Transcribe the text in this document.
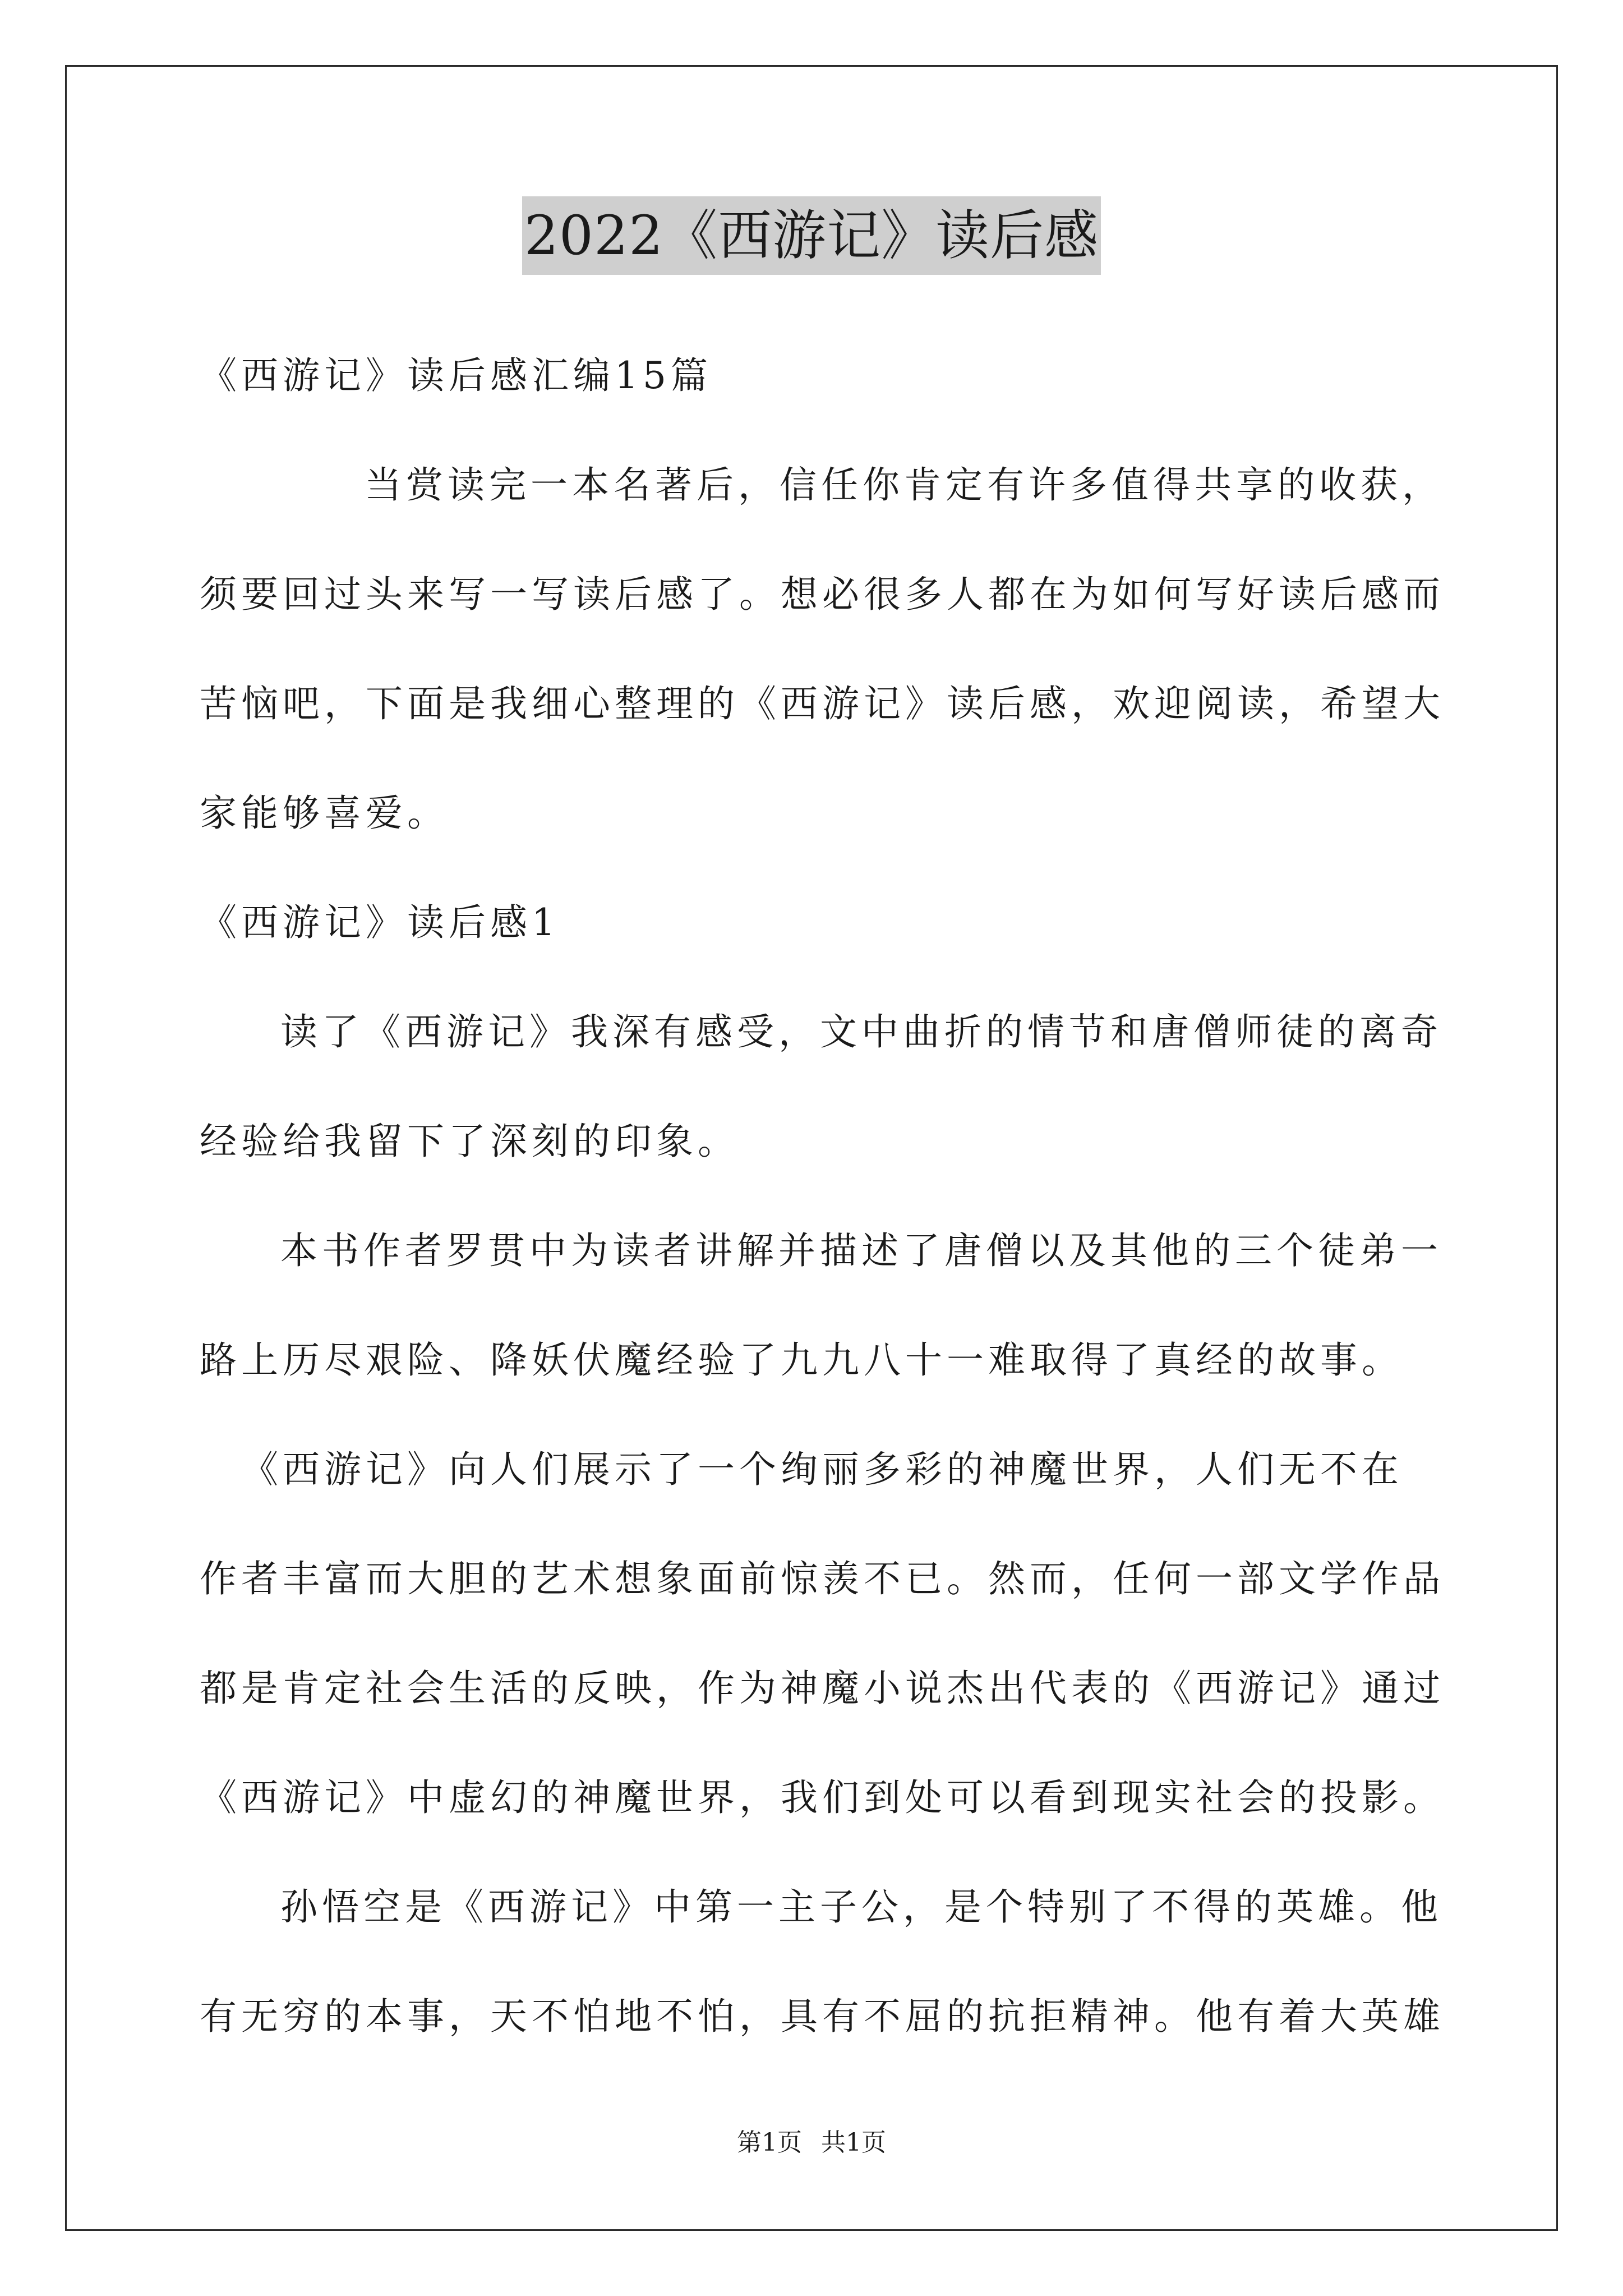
2022《西游记》读后感
《西游记》读后感汇编15篇
当赏读完一本名著后，信任你肯定有许多值得共享的收获，
须要回过头来写一写读后感了。想必很多人都在为如何写好读后感而
苦恼吧，下面是我细心整理的《西游记》读后感，欢迎阅读，希望大
家能够喜爱。
《西游记》读后感1
读了《西游记》我深有感受，文中曲折的情节和唐僧师徒的离奇
经验给我留下了深刻的印象。
本书作者罗贯中为读者讲解并描述了唐僧以及其他的三个徒弟一
路上历尽艰险、降妖伏魔经验了九九八十一难取得了真经的故事。
《西游记》向人们展示了一个绚丽多彩的神魔世界，人们无不在
作者丰富而大胆的艺术想象面前惊羡不已。然而，任何一部文学作品
都是肯定社会生活的反映，作为神魔小说杰出代表的《西游记》通过
《西游记》中虚幻的神魔世界，我们到处可以看到现实社会的投影。
孙悟空是《西游记》中第一主子公，是个特别了不得的英雄。他
有无穷的本事，天不怕地不怕，具有不屈的抗拒精神。他有着大英雄
第1页 共1页
